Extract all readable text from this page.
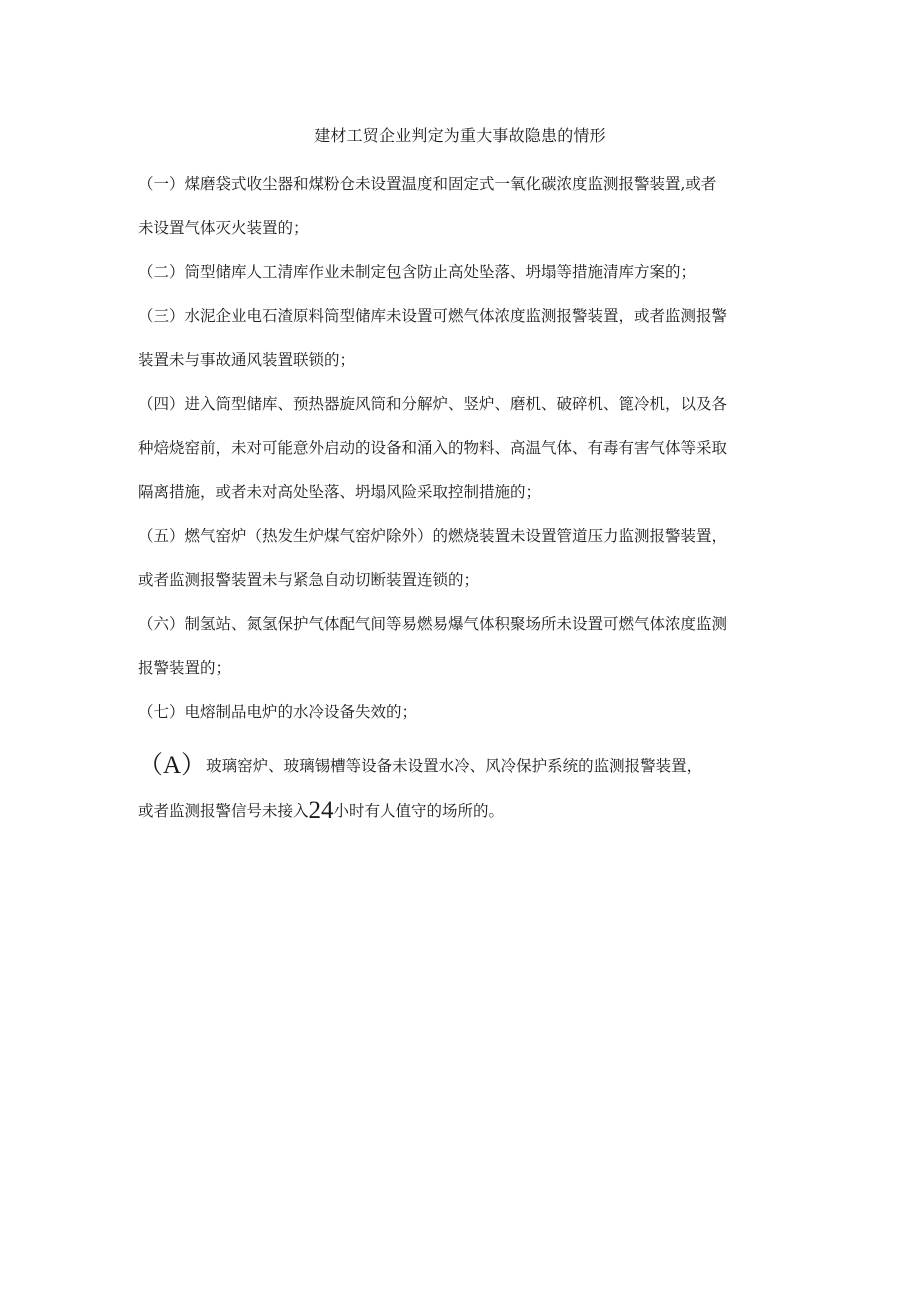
建材工贸企业判定为重大事故隐患的情形
（一）煤磨袋式收尘器和煤粉仓未设置温度和固定式一氧化碳浓度监测报警装置,或者
未设置气体灭火装置的；
（二）筒型储库人工清库作业未制定包含防止高处坠落、坍塌等措施清库方案的；
（三）水泥企业电石渣原料筒型储库未设置可燃气体浓度监测报警装置，或者监测报警
装置未与事故通风装置联锁的；
（四）进入筒型储库、预热器旋风筒和分解炉、竖炉、磨机、破碎机、篦冷机，以及各
种焙烧窑前，未对可能意外启动的设备和涌入的物料、高温气体、有毒有害气体等采取
隔离措施，或者未对高处坠落、坍塌风险采取控制措施的；
（五）燃气窑炉（热发生炉煤气窑炉除外）的燃烧装置未设置管道压力监测报警装置，
或者监测报警装置未与紧急自动切断装置连锁的；
（六）制氢站、氮氢保护气体配气间等易燃易爆气体积聚场所未设置可燃气体浓度监测
报警装置的；
（七）电熔制品电炉的水冷设备失效的；
（A）玻璃窑炉、玻璃锡槽等设备未设置水冷、风冷保护系统的监测报警装置，
或者监测报警信号未接入24小时有人值守的场所的。
